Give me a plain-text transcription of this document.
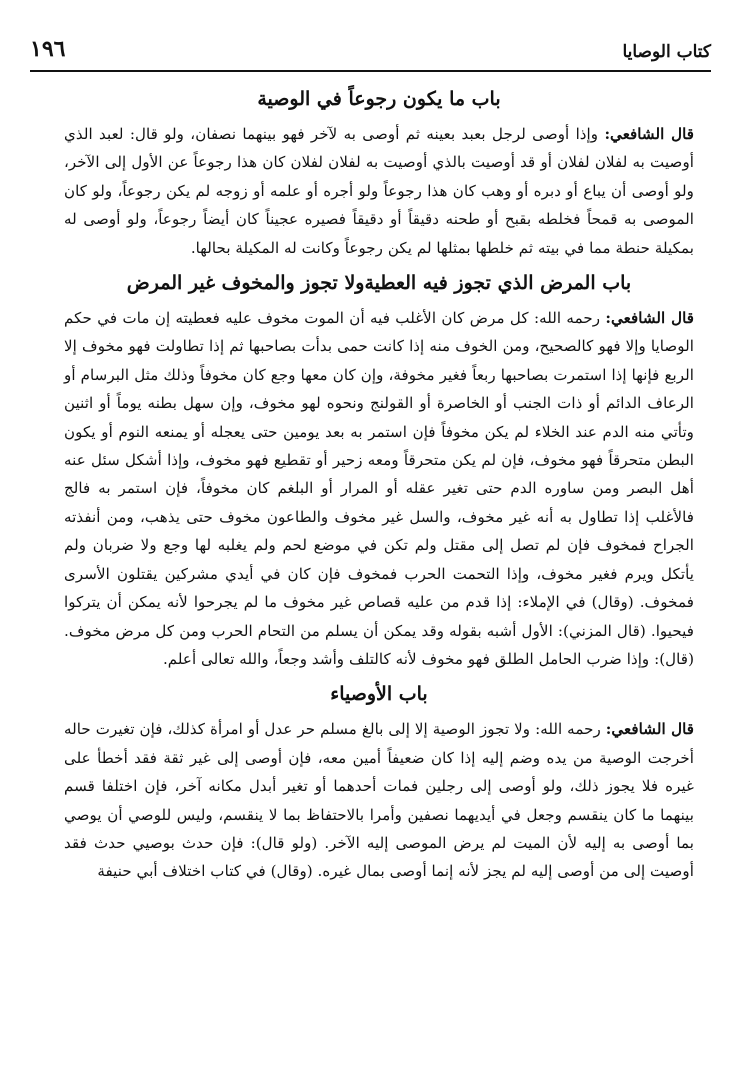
كتاب الوصايا
١٩٦
باب ما يكون رجوعاً في الوصية

قال الشافعي: وإذا أوصى لرجل بعبد بعينه ثم أوصى به لآخر فهو بينهما نصفان، ولو قال: لعبد الذي أوصيت به لفلان لفلان أو قد أوصيت بالذي أوصيت به لفلان لفلان كان هذا رجوعاً عن الأول إلى الآخر، ولو أوصى أن يباع أو دبره أو وهب كان هذا رجوعاً ولو أجره أو علمه أو زوجه لم يكن رجوعاً، ولو كان الموصى به قمحاً فخلطه بقبح أو طحنه دقيقاً أو دقيقاً فصيره عجيناً كان أيضاً رجوعاً، ولو أوصى له بمكيلة حنطة مما في بيته ثم خلطها بمثلها لم يكن رجوعاً وكانت له المكيلة بحالها.

باب المرض الذي تجوز فيه العطيةولا تجوز والمخوف غير المرض

قال الشافعي: رحمه الله: كل مرض كان الأغلب فيه أن الموت مخوف عليه فعطيته إن مات في حكم الوصايا وإلا فهو كالصحيح، ومن الخوف منه إذا كانت حمى بدأت بصاحبها ثم إذا تطاولت فهو مخوف إلا الربع فإنها إذا استمرت بصاحبها ربعاً فغير مخوفة، وإن كان معها وجع كان مخوفاً وذلك مثل البرسام أو الرعاف الدائم أو ذات الجنب أو الخاصرة أو القولنج ونحوه لهو مخوف، وإن سهل بطنه يوماً أو اثنين وتأتي منه الدم عند الخلاء لم يكن مخوفاً فإن استمر به بعد يومين حتى يعجله أو يمنعه النوم أو يكون البطن متحرقاً فهو مخوف، فإن لم يكن متحرقاً ومعه زحير أو تقطيع فهو مخوف، وإذا أشكل سئل عنه أهل البصر ومن ساوره الدم حتى تغير عقله أو المرار أو البلغم كان مخوفاً، فإن استمر به فالج فالأغلب إذا تطاول به أنه غير مخوف، والسل غير مخوف والطاعون مخوف حتى يذهب، ومن أنفذته الجراح فمخوف فإن لم تصل إلى مقتل ولم تكن في موضع لحم ولم يغلبه لها وجع ولا ضربان ولم يأتكل ويرم فغير مخوف، وإذا التحمت الحرب فمخوف فإن كان في أيدي مشركين يقتلون الأسرى فمخوف. (وقال) في الإملاء: إذا قدم من عليه قصاص غير مخوف ما لم يجرحوا لأنه يمكن أن يتركوا فيحيوا. (قال المزني): الأول أشبه بقوله وقد يمكن أن يسلم من التحام الحرب ومن كل مرض مخوف. (قال): وإذا ضرب الحامل الطلق فهو مخوف لأنه كالتلف وأشد وجعاً، والله تعالى أعلم.

باب الأوصياء

قال الشافعي: رحمه الله: ولا تجوز الوصية إلا إلى بالغ مسلم حر عدل أو امرأة كذلك، فإن تغيرت حاله أخرجت الوصية من يده وضم إليه إذا كان ضعيفاً أمين معه، فإن أوصى إلى غير ثقة فقد أخطأ على غيره فلا يجوز ذلك، ولو أوصى إلى رجلين فمات أحدهما أو تغير أبدل مكانه آخر، فإن اختلفا قسم بينهما ما كان ينقسم وجعل في أيديهما نصفين وأمرا بالاحتفاظ بما لا ينقسم، وليس للوصي أن يوصي بما أوصى به إليه لأن الميت لم يرض الموصى إليه الآخر. (ولو قال): فإن حدث بوصيي حدث فقد أوصيت إلى من أوصى إليه لم يجز لأنه إنما أوصى بمال غيره. (وقال) في كتاب اختلاف أبي حنيفة
